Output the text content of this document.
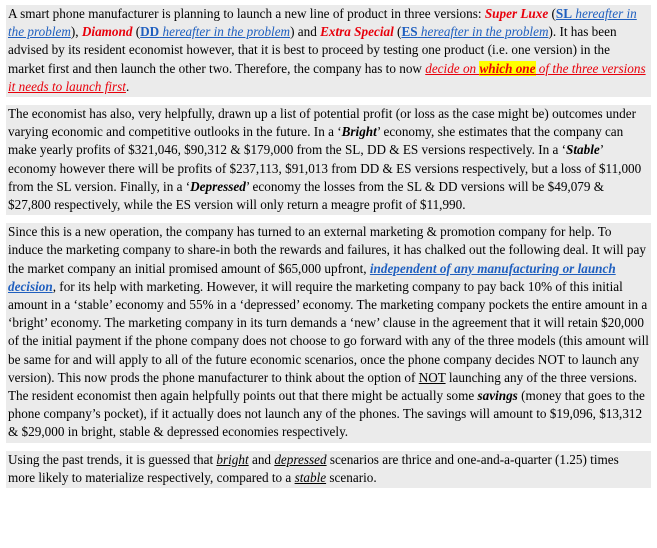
A smart phone manufacturer is planning to launch a new line of product in three versions: Super Luxe (SL hereafter in the problem), Diamond (DD hereafter in the problem) and Extra Special (ES hereafter in the problem). It has been advised by its resident economist however, that it is best to proceed by testing one product (i.e. one version) in the market first and then launch the other two. Therefore, the company has to now decide on which one of the three versions it needs to launch first.

The economist has also, very helpfully, drawn up a list of potential profit (or loss as the case might be) outcomes under varying economic and competitive outlooks in the future. In a ‘Bright’ economy, she estimates that the company can make yearly profits of $321,046, $90,312 & $179,000 from the SL, DD & ES versions respectively. In a ‘Stable’ economy however there will be profits of $237,113, $91,013 from DD & ES versions respectively, but a loss of $11,000 from the SL version. Finally, in a ‘Depressed’ economy the losses from the SL & DD versions will be $49,079 & $27,800 respectively, while the ES version will only return a meagre profit of $11,990.

Since this is a new operation, the company has turned to an external marketing & promotion company for help. To induce the marketing company to share-in both the rewards and failures, it has chalked out the following deal. It will pay the market company an initial promised amount of $65,000 upfront, independent of any manufacturing or launch decision, for its help with marketing. However, it will require the marketing company to pay back 10% of this initial amount in a ‘stable’ economy and 55% in a ‘depressed’ economy. The marketing company pockets the entire amount in a ‘bright’ economy. The marketing company in its turn demands a ‘new’ clause in the agreement that it will retain $20,000 of the initial payment if the phone company does not choose to go forward with any of the three models (this amount will be same for and will apply to all of the future economic scenarios, once the phone company decides NOT to launch any version). This now prods the phone manufacturer to think about the option of NOT launching any of the three versions. The resident economist then again helpfully points out that there might be actually some savings (money that goes to the phone company’s pocket), if it actually does not launch any of the phones. The savings will amount to $19,096, $13,312 & $29,000 in bright, stable & depressed economies respectively.

Using the past trends, it is guessed that bright and depressed scenarios are thrice and one-and-a-quarter (1.25) times more likely to materialize respectively, compared to a stable scenario.
